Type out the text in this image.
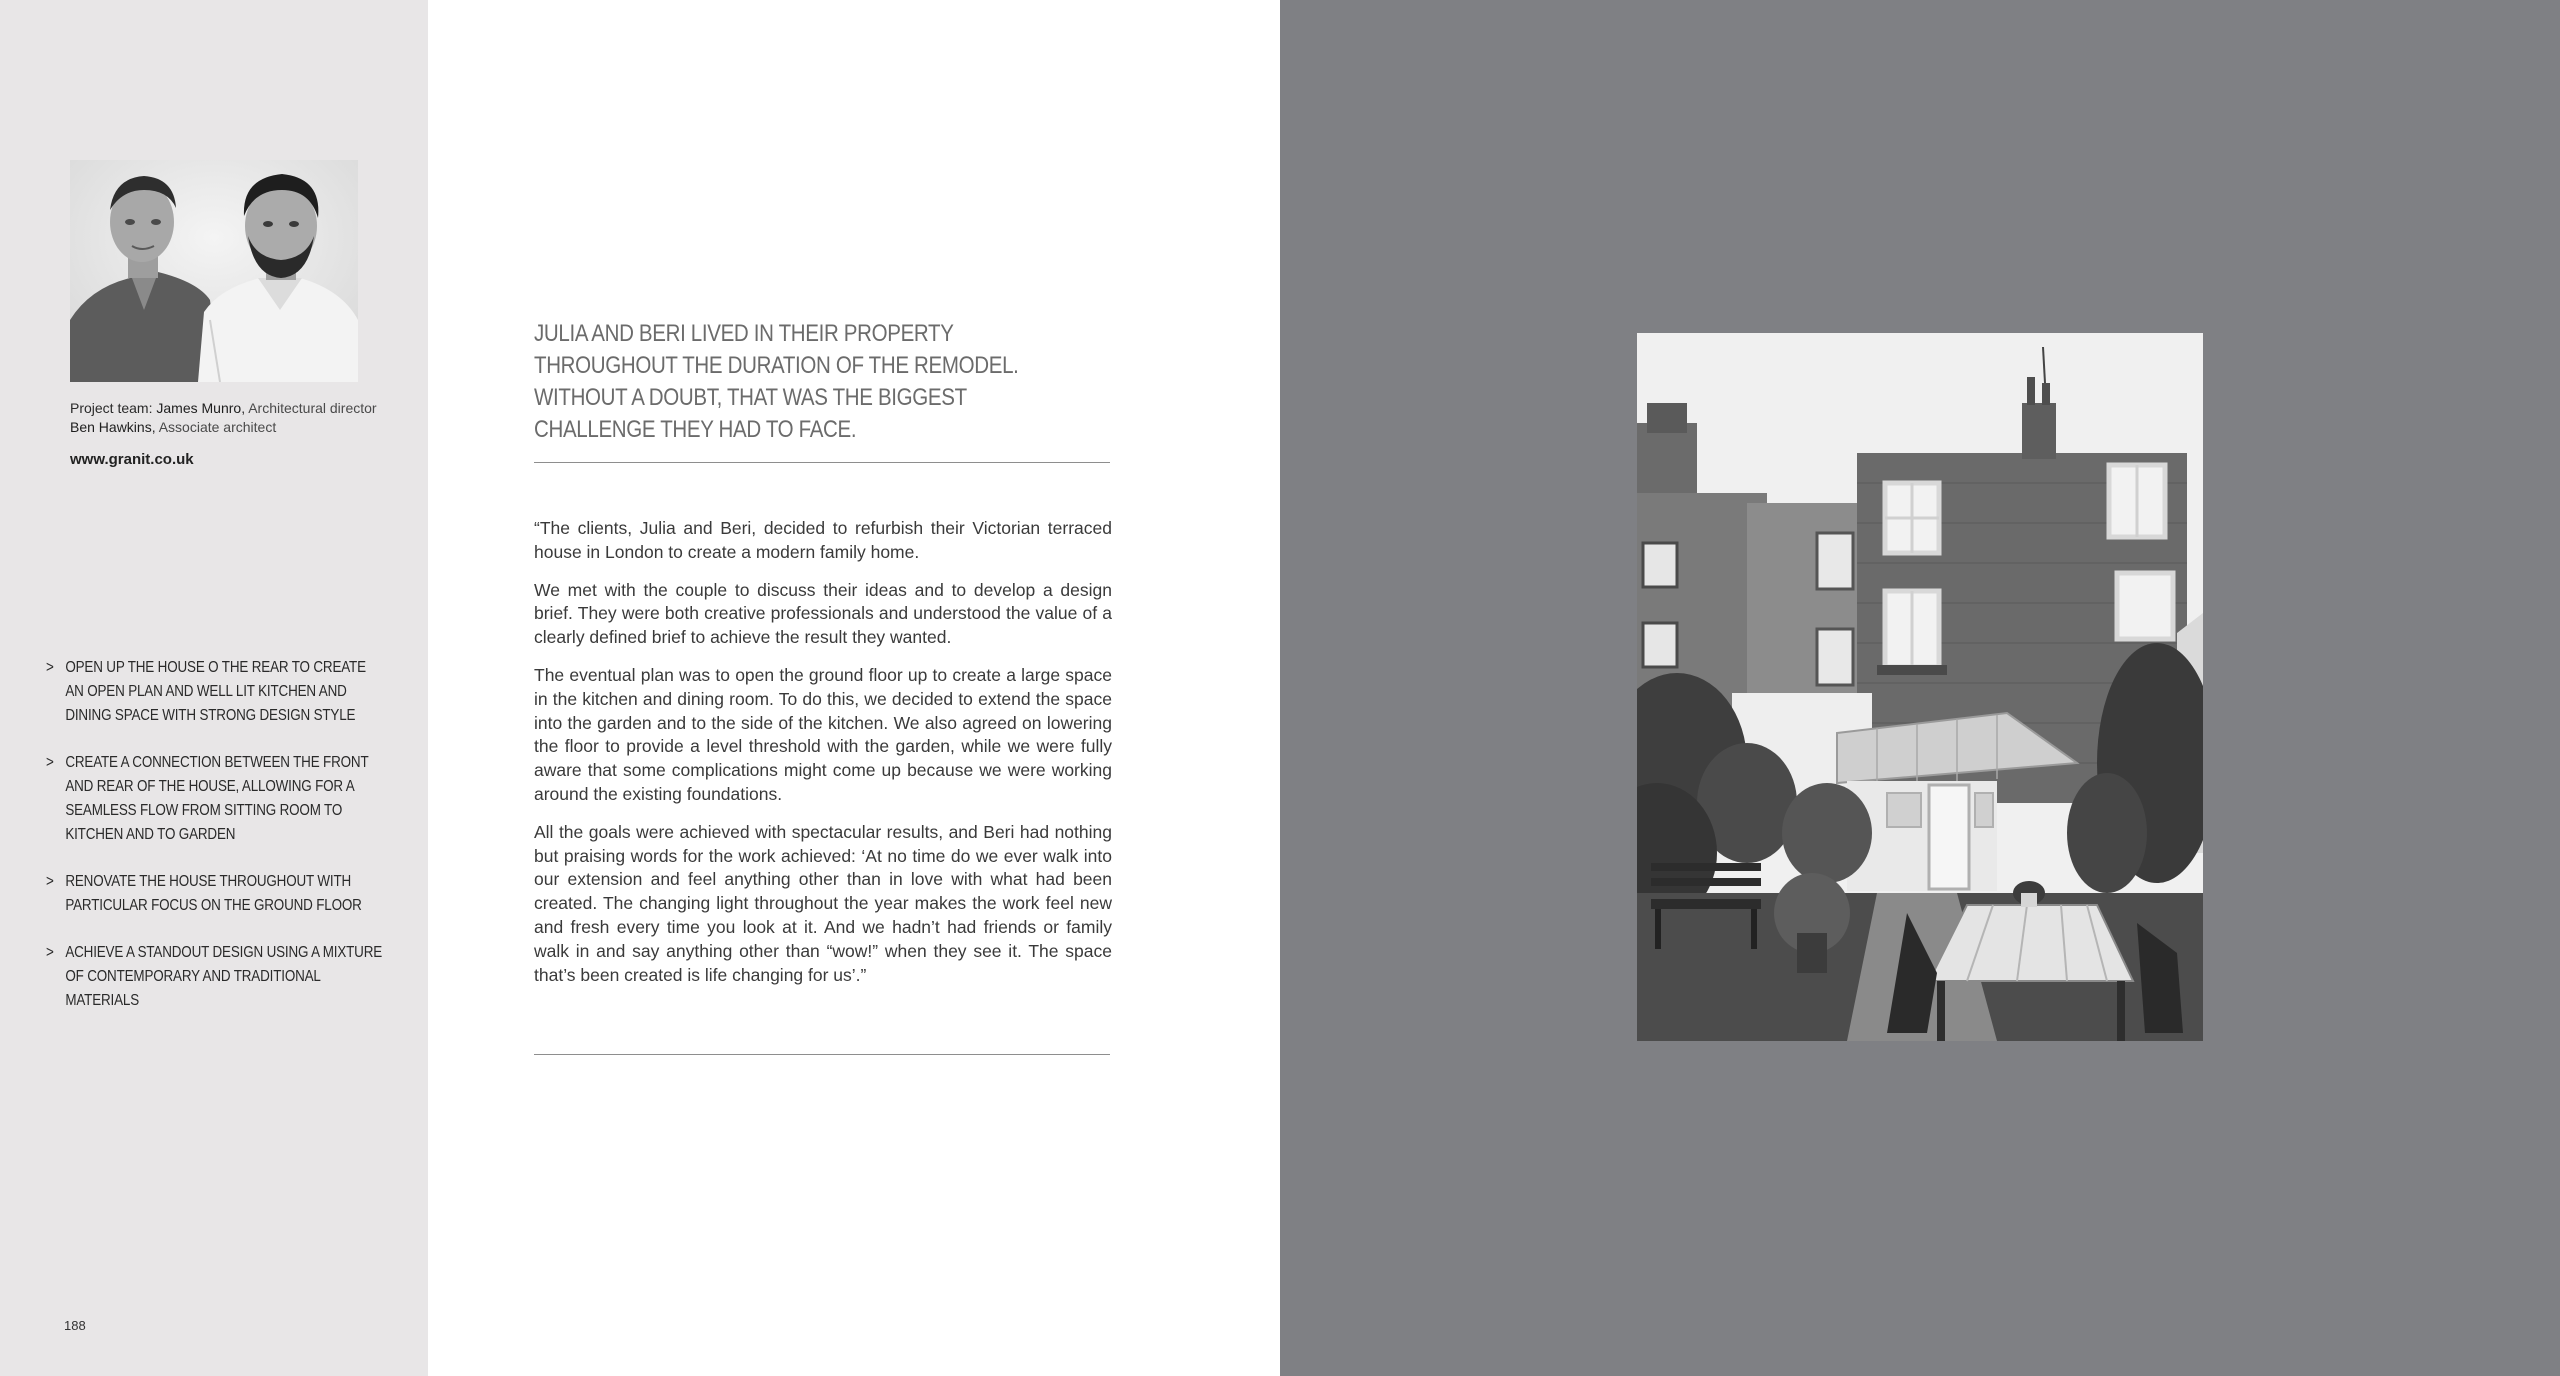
Project team: James Munro, Architectural director
Ben Hawkins, Associate architect
www.granit.co.uk
> OPEN UP THE HOUSE O THE REAR TO CREATE AN OPEN PLAN AND WELL LIT KITCHEN AND DINING SPACE WITH STRONG DESIGN STYLE
> CREATE A CONNECTION BETWEEN THE FRONT AND REAR OF THE HOUSE, ALLOWING FOR A SEAMLESS FLOW FROM SITTING ROOM TO KITCHEN AND TO GARDEN
> RENOVATE THE HOUSE THROUGHOUT WITH PARTICULAR FOCUS ON THE GROUND FLOOR
> ACHIEVE A STANDOUT DESIGN USING A MIXTURE OF CONTEMPORARY AND TRADITIONAL MATERIALS
188
JULIA AND BERI LIVED IN THEIR PROPERTY THROUGHOUT THE DURATION OF THE REMODEL. WITHOUT A DOUBT, THAT WAS THE BIGGEST CHALLENGE THEY HAD TO FACE.

“The clients, Julia and Beri, decided to refurbish their Victorian terraced house in London to create a modern family home.

We met with the couple to discuss their ideas and to develop a design brief. They were both creative professionals and understood the value of a clearly defined brief to achieve the result they wanted.

The eventual plan was to open the ground floor up to create a large space in the kitchen and dining room. To do this, we decided to extend the space into the garden and to the side of the kitchen. We also agreed on lowering the floor to provide a level threshold with the garden, while we were fully aware that some complications might come up because we were working around the existing foundations.

All the goals were achieved with spectacular results, and Beri had nothing but praising words for the work achieved: ‘At no time do we ever walk into our extension and feel anything other than in love with what had been created. The changing light throughout the year makes the work feel new and fresh every time you look at it. And we hadn’t had friends or family walk in and say anything other than “wow!” when they see it. The space that’s been created is life changing for us’.”
